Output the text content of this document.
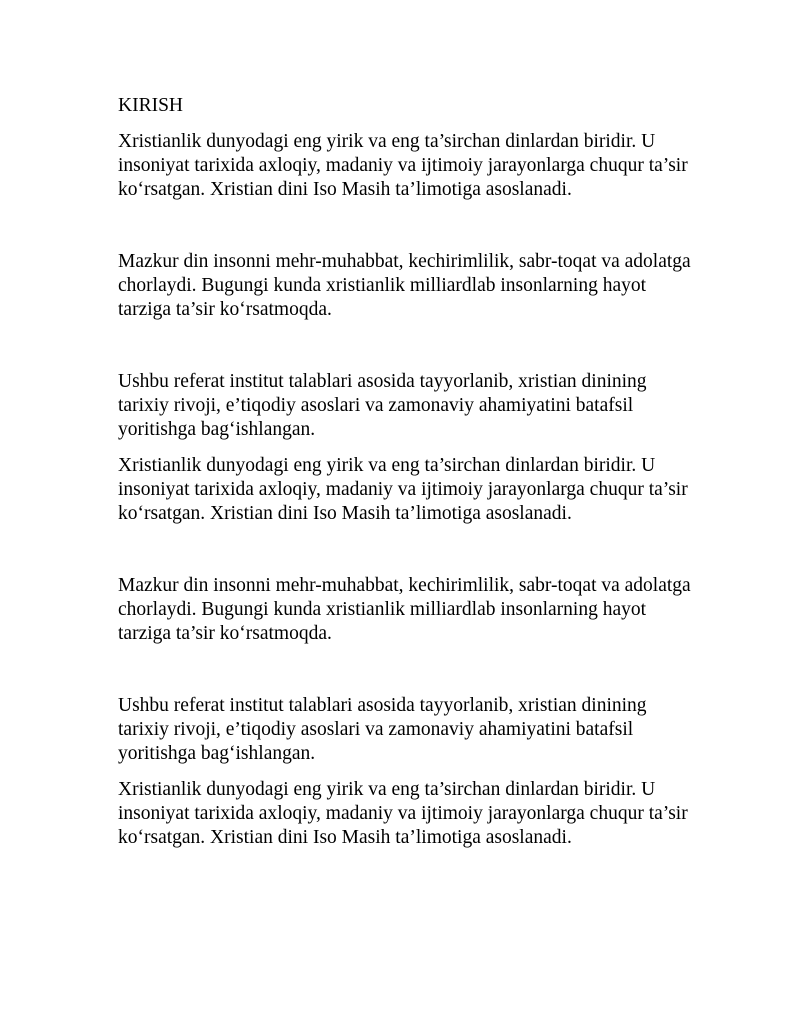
KIRISH

Xristianlik dunyodagi eng yirik va eng ta’sirchan dinlardan biridir. U insoniyat tarixida axloqiy, madaniy va ijtimoiy jarayonlarga chuqur ta’sir ko‘rsatgan. Xristian dini Iso Masih ta’limotiga asoslanadi.

Mazkur din insonni mehr-muhabbat, kechirimlilik, sabr-toqat va adolatga chorlaydi. Bugungi kunda xristianlik milliardlab insonlarning hayot tarziga ta’sir ko‘rsatmoqda.

Ushbu referat institut talablari asosida tayyorlanib, xristian dinining tarixiy rivoji, e’tiqodiy asoslari va zamonaviy ahamiyatini batafsil yoritishga bag‘ishlangan.

Xristianlik dunyodagi eng yirik va eng ta’sirchan dinlardan biridir. U insoniyat tarixida axloqiy, madaniy va ijtimoiy jarayonlarga chuqur ta’sir ko‘rsatgan. Xristian dini Iso Masih ta’limotiga asoslanadi.

Mazkur din insonni mehr-muhabbat, kechirimlilik, sabr-toqat va adolatga chorlaydi. Bugungi kunda xristianlik milliardlab insonlarning hayot tarziga ta’sir ko‘rsatmoqda.

Ushbu referat institut talablari asosida tayyorlanib, xristian dinining tarixiy rivoji, e’tiqodiy asoslari va zamonaviy ahamiyatini batafsil yoritishga bag‘ishlangan.

Xristianlik dunyodagi eng yirik va eng ta’sirchan dinlardan biridir. U insoniyat tarixida axloqiy, madaniy va ijtimoiy jarayonlarga chuqur ta’sir ko‘rsatgan. Xristian dini Iso Masih ta’limotiga asoslanadi.
